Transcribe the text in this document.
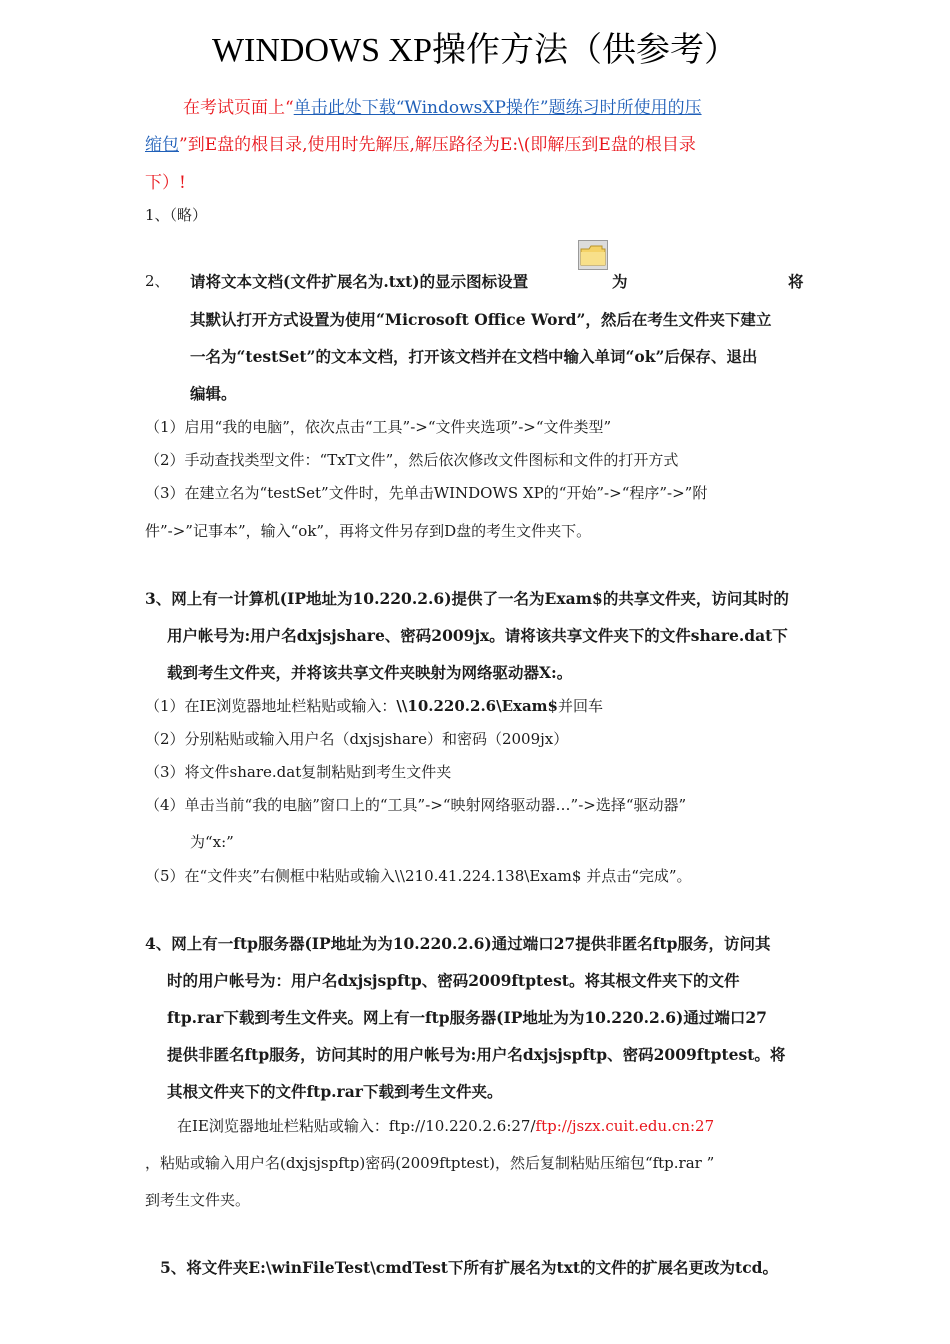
WINDOWS XP操作方法（供参考）
在考试页面上“单击此处下载“WindowsXP操作”题练习时所使用的压
缩包”到E盘的根目录,使用时先解压,解压路径为E:\(即解压到E盘的根目录
下）!
1、（略）
2、 请将文本文档(文件扩展名为.txt)的显示图标设置	为	将
其默认打开方式设置为使用“Microsoft Office Word”，然后在考生文件夹下建立
一名为“testSet”的文本文档，打开该文档并在文档中输入单词“ok”后保存、退出
编辑。
（1）启用“我的电脑”，依次点击“工具”->“文件夹选项”->“文件类型”
（2）手动查找类型文件：“TxT文件”，然后依次修改文件图标和文件的打开方式
（3）在建立名为“testSet”文件时，先单击WINDOWS XP的“开始”->“程序”->”附
件”->”记事本”，输入“ok”，再将文件另存到D盘的考生文件夹下。
3、网上有一计算机(IP地址为10.220.2.6)提供了一名为Exam$的共享文件夹，访问其时的
用户帐号为:用户名dxjsjshare、密码2009jx。请将该共享文件夹下的文件share.dat下
载到考生文件夹，并将该共享文件夹映射为网络驱动器X:。
（1）在IE浏览器地址栏粘贴或输入：\\10.220.2.6\Exam$并回车
（2）分别粘贴或输入用户名（dxjsjshare）和密码（2009jx）
（3）将文件share.dat复制粘贴到考生文件夹
（4）单击当前“我的电脑”窗口上的“工具”->“映射网络驱动器…”->选择“驱动器”
为“x:”
（5）在“文件夹”右侧框中粘贴或输入\\210.41.224.138\Exam$ 并点击“完成”。
4、网上有一ftp服务器(IP地址为为10.220.2.6)通过端口27提供非匿名ftp服务，访问其
时的用户帐号为：用户名dxjsjspftp、密码2009ftptest。将其根文件夹下的文件
ftp.rar下载到考生文件夹。网上有一ftp服务器(IP地址为为10.220.2.6)通过端口27
提供非匿名ftp服务，访问其时的用户帐号为:用户名dxjsjspftp、密码2009ftptest。将
其根文件夹下的文件ftp.rar下载到考生文件夹。
在IE浏览器地址栏粘贴或输入：ftp://10.220.2.6:27/ftp://jszx.cuit.edu.cn:27
，粘贴或输入用户名(dxjsjspftp)密码(2009ftptest)，然后复制粘贴压缩包“ftp.rar ”
到考生文件夹。
5、将文件夹E:\winFileTest\cmdTest下所有扩展名为txt的文件的扩展名更改为tcd。
